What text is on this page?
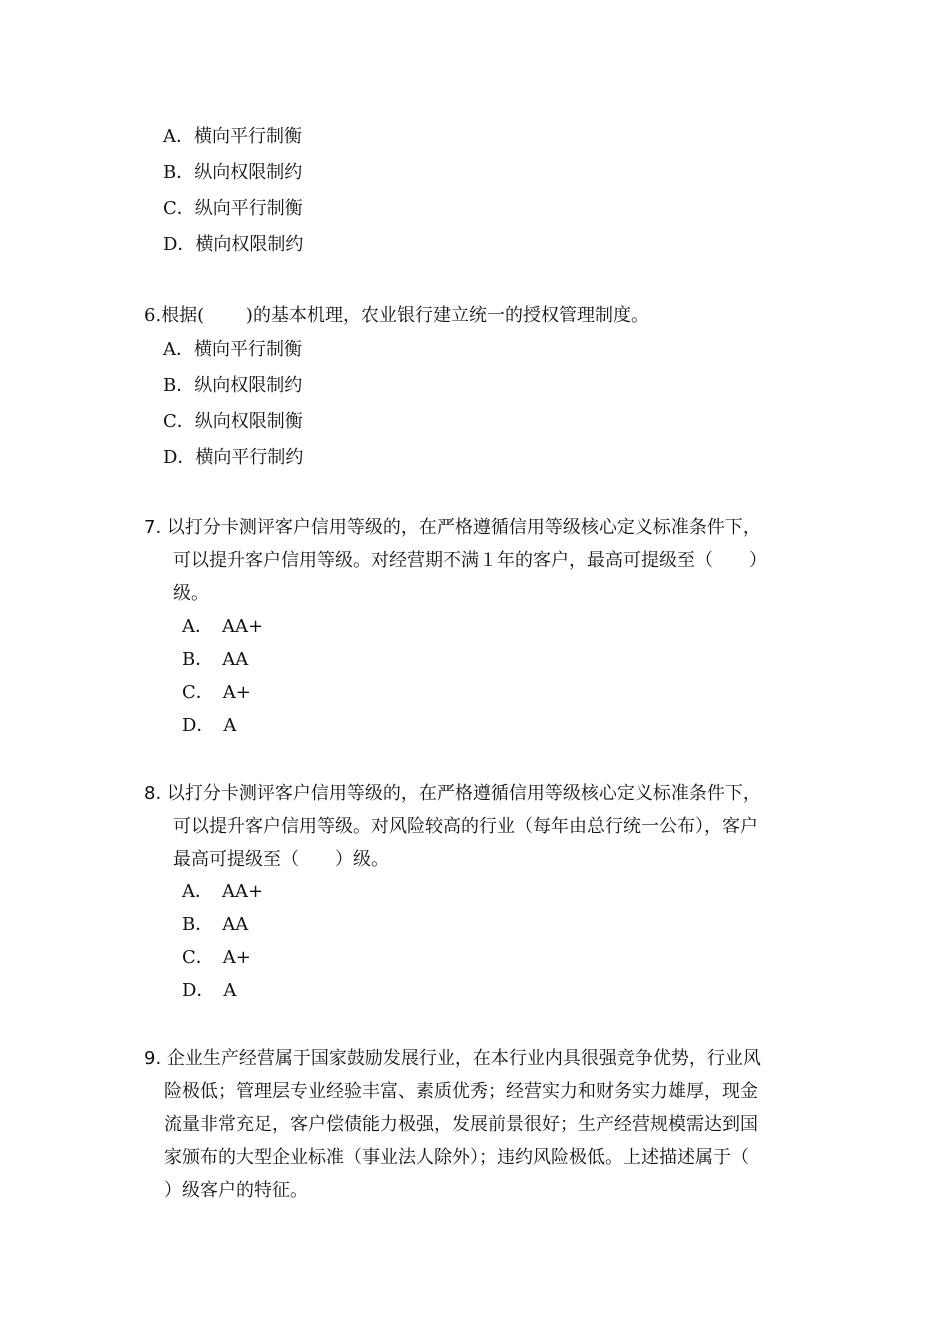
A．横向平行制衡
B．纵向权限制约
C．纵向平行制衡
D．横向权限制约
6.根据(　　 )的基本机理，农业银行建立统一的授权管理制度。
A．横向平行制衡
B．纵向权限制约
C．纵向权限制衡
D．横向平行制约
7. 以打分卡测评客户信用等级的，在严格遵循信用等级核心定义标准条件下，
可以提升客户信用等级。对经营期不满１年的客户，最高可提级至（　　）
级。
A．　AA+
B．　AA
C．　A+
D．　A
8. 以打分卡测评客户信用等级的，在严格遵循信用等级核心定义标准条件下，
可以提升客户信用等级。对风险较高的行业（每年由总行统一公布），客户
最高可提级至（　　）级。
A．　AA+
B．　AA
C．　A+
D．　A
9. 企业生产经营属于国家鼓励发展行业，在本行业内具很强竞争优势，行业风
险极低；管理层专业经验丰富、素质优秀；经营实力和财务实力雄厚，现金
流量非常充足，客户偿债能力极强，发展前景很好；生产经营规模需达到国
家颁布的大型企业标准（事业法人除外）；违约风险极低。上述描述属于（
）级客户的特征。
